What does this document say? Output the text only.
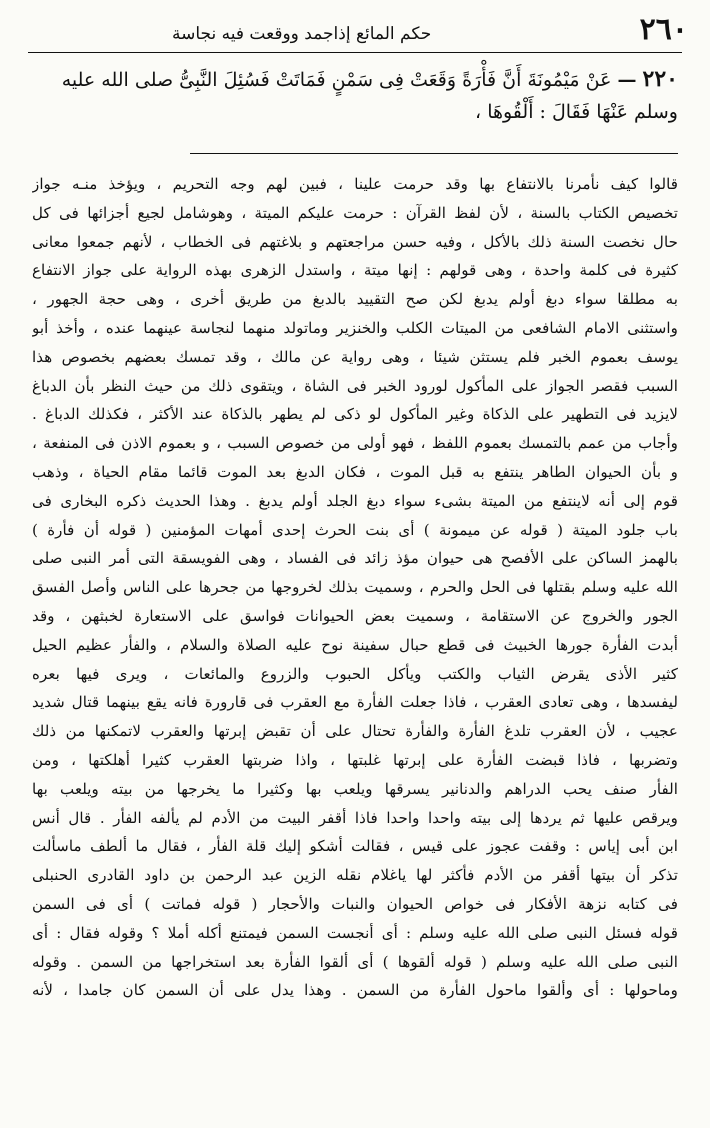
٢٦٠
حكم المائع إذاجمد ووقعت فيه نجاسة
٢٢٠ — عَنْ مَيْمُونَةَ أَنَّ فَأْرَةً وَقَعَتْ فِى سَمْنٍ فَمَاتَتْ فَسُئِلَ النَّبِىُّ صلى الله عليه
وسلم عَنْهَا فَقَالَ : أَلْقُوهَا ،
قالوا كيف نأمرنا بالانتفاع بها وقد حرمت علينا ، فبين لهم وجه التحريم ، ويؤخذ منـه جواز
تخصيص الكتاب بالسنة ، لأن لفظ القرآن : حرمت عليكم الميتة ، وهوشامل لجيع أجزائها فى كل
حال نخصت السنة ذلك بالأكل ، وفيه حسن مراجعتهم و بلاغتهم فى الخطاب ، لأنهم جمعوا معانى
كثيرة فى كلمة واحدة ، وهى قولهم : إنها ميتة ، واستدل الزهرى بهذه الرواية على جواز الانتفاع
به مطلقا سواء دبغ أولم يدبغ لكن صح التقييد بالدبغ من طريق أخرى ، وهى حجة الجهور ،
واستثنى الامام الشافعى من الميتات الكلب والخنزير وماتولد منهما لنجاسة عينهما عنده ، وأخذ أبو
يوسف بعموم الخبر فلم يستثن شيئا ، وهى رواية عن مالك ، وقد تمسك بعضهم بخصوص هذا
السبب فقصر الجواز على المأكول لورود الخبر فى الشاة ، ويتقوى ذلك من حيث النظر بأن الدباغ
لايزيد فى التطهير على الذكاة وغير المأكول لو ذكى لم يطهر بالذكاة عند الأكثر ، فكذلك الدباغ .
وأجاب من عمم بالتمسك بعموم اللفظ ، فهو أولى من خصوص السبب ، و بعموم الاذن فى المنفعة ،
و بأن الحيوان الطاهر ينتفع به قبل الموت ، فكان الدبغ بعد الموت قائما مقام الحياة ، وذهب
قوم إلى أنه لاينتفع من الميتة بشىء سواء دبغ الجلد أولم يدبغ . وهذا الحديث ذكره البخارى فى
باب جلود الميتة ( قوله عن ميمونة ) أى بنت الحرث إحدى أمهات المؤمنين ( قوله أن فأرة )
بالهمز الساكن على الأفصح هى حيوان مؤذ زائد فى الفساد ، وهى الفويسقة التى أمر النبى صلى
الله عليه وسلم بقتلها فى الحل والحرم ، وسميت بذلك لخروجها من جحرها على الناس وأصل الفسق
الجور والخروج عن الاستقامة ، وسميت بعض الحيوانات فواسق على الاستعارة لخبثهن ، وقد
أبدت الفأرة جورها الخبيث فى قطع حبال سفينة نوح عليه الصلاة والسلام ، والفأر عظيم الحيل
كثير الأذى يقرض الثياب والكتب ويأكل الحبوب والزروع والمائعات ، ويرى فيها بعره
ليفسدها ، وهى تعادى العقرب ، فاذا جعلت الفأرة مع العقرب فى قارورة فانه يقع بينهما قتال شديد
عجيب ، لأن العقرب تلدغ الفأرة والفأرة تحتال على أن تقبض إبرتها والعقرب لاتمكنها من ذلك
وتضربها ، فاذا قبضت الفأرة على إبرتها غلبتها ، واذا ضربتها العقرب كثيرا أهلكتها ، ومن
الفأر صنف يحب الدراهم والدنانير يسرقها ويلعب بها وكثيرا ما يخرجها من بيته ويلعب بها
ويرقص عليها ثم يردها إلى بيته واحدا واحدا فاذا أقفر البيت من الأدم لم يألفه الفأر . قال أنس
ابن أبى إياس : وقفت عجوز على قيس ، فقالت أشكو إليك قلة الفأر ، فقال ما ألطف ماسألت
تذكر أن بيتها أقفر من الأدم فأكثر لها ياغلام نقله الزين عبد الرحمن بن داود القادرى الحنبلى
فى كتابه نزهة الأفكار فى خواص الحيوان والنبات والأحجار ( قوله فماتت ) أى فى السمن
قوله فسئل النبى صلى الله عليه وسلم : أى أنجست السمن فيمتنع أكله أملا ؟ وقوله فقال : أى
النبى صلى الله عليه وسلم ( قوله ألقوها ) أى ألقوا الفأرة بعد استخراجها من السمن . وقوله
وماحولها : أى وألقوا ماحول الفأرة من السمن . وهذا يدل على أن السمن كان جامدا ، لأنه
